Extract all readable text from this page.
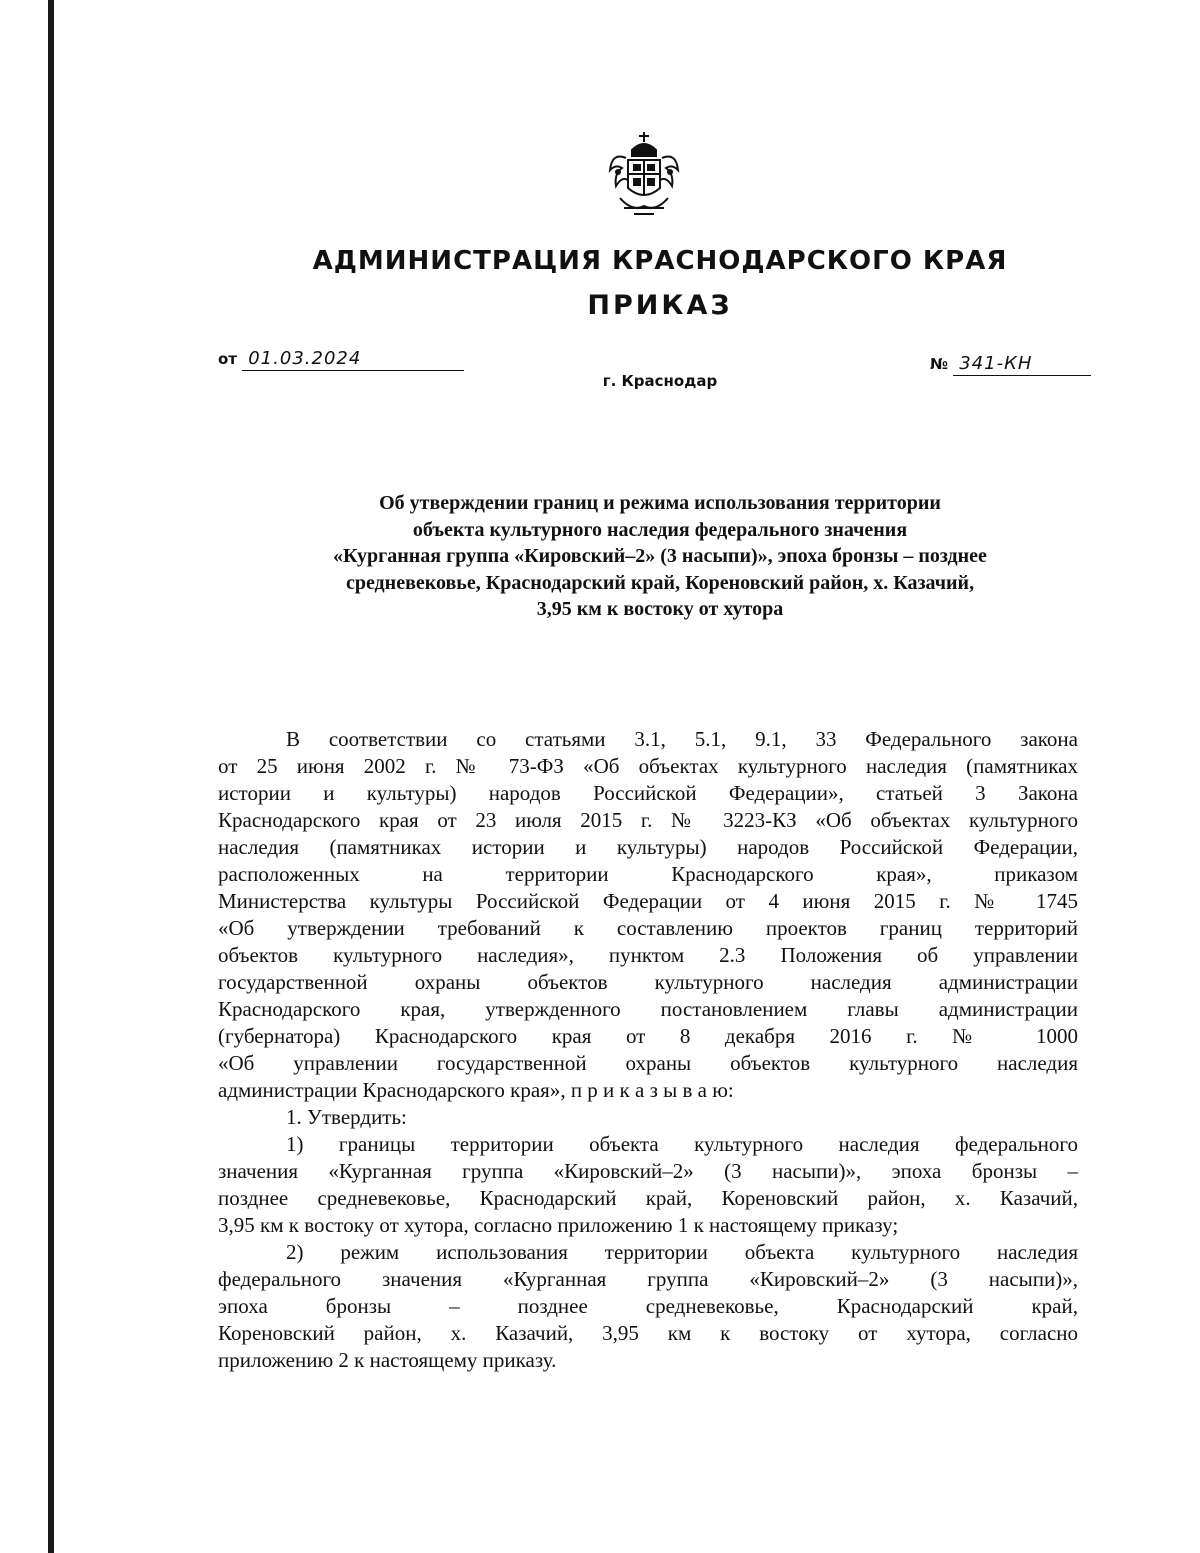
АДМИНИСТРАЦИЯ КРАСНОДАРСКОГО КРАЯ
ПРИКАЗ
от 01.03.2024	№ 341-КН
г. Краснодар
Об утверждении границ и режима использования территории
объекта культурного наследия федерального значения
«Курганная группа «Кировский–2» (3 насыпи)», эпоха бронзы – позднее
средневековье, Краснодарский край, Кореновский район, х. Казачий,
3,95 км к востоку от хутора
В соответствии со статьями 3.1, 5.1, 9.1, 33 Федерального закона
от 25 июня 2002 г. № 73-ФЗ «Об объектах культурного наследия (памятниках
истории и культуры) народов Российской Федерации», статьей 3 Закона
Краснодарского края от 23 июля 2015 г. № 3223-КЗ «Об объектах культурного
наследия (памятниках истории и культуры) народов Российской Федерации,
расположенных на территории Краснодарского края», приказом
Министерства культуры Российской Федерации от 4 июня 2015 г. № 1745
«Об утверждении требований к составлению проектов границ территорий
объектов культурного наследия», пунктом 2.3 Положения об управлении
государственной охраны объектов культурного наследия администрации
Краснодарского края, утвержденного постановлением главы администрации
(губернатора) Краснодарского края от 8 декабря 2016 г. № 1000
«Об управлении государственной охраны объектов культурного наследия
администрации Краснодарского края», п р и к а з ы в а ю:
1. Утвердить:
1) границы территории объекта культурного наследия федерального
значения «Курганная группа «Кировский–2» (3 насыпи)», эпоха бронзы –
позднее средневековье, Краснодарский край, Кореновский район, х. Казачий,
3,95 км к востоку от хутора, согласно приложению 1 к настоящему приказу;
2) режим использования территории объекта культурного наследия
федерального значения «Курганная группа «Кировский–2» (3 насыпи)»,
эпоха бронзы – позднее средневековье, Краснодарский край,
Кореновский район, х. Казачий, 3,95 км к востоку от хутора, согласно
приложению 2 к настоящему приказу.
